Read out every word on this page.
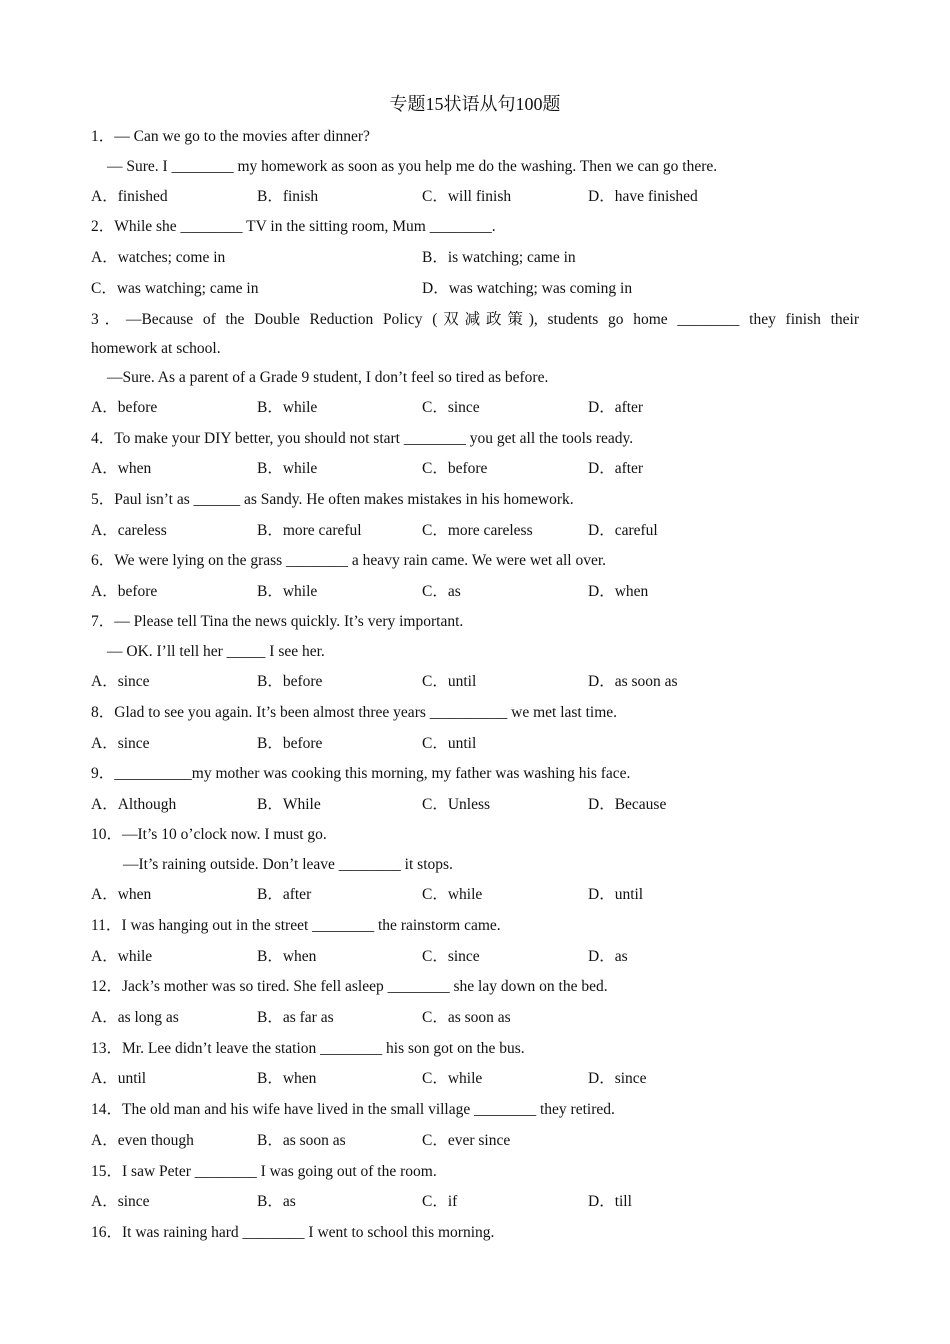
专题15状语从句100题
1．— Can we go to the movies after dinner?
— Sure. I ________ my homework as soon as you help me do the washing. Then we can go there.
A．finished	B．finish	C．will finish	D．have finished
2．While she ________ TV in the sitting room, Mum ________.
A．watches; come in	B．is watching; came in
C．was watching; came in	D．was watching; was coming in
3．—Because of the Double Reduction Policy (双减政策), students go home ________ they finish their
homework at school.
—Sure. As a parent of a Grade 9 student, I don’t feel so tired as before.
A．before	B．while	C．since	D．after
4．To make your DIY better, you should not start ________ you get all the tools ready.
A．when	B．while	C．before	D．after
5．Paul isn’t as ______ as Sandy. He often makes mistakes in his homework.
A．careless	B．more careful	C．more careless	D．careful
6．We were lying on the grass ________ a heavy rain came. We were wet all over.
A．before	B．while	C．as	D．when
7．— Please tell Tina the news quickly. It’s very important.
— OK. I’ll tell her _____ I see her.
A．since	B．before	C．until	D．as soon as
8．Glad to see you again. It’s been almost three years __________ we met last time.
A．since	B．before	C．until
9．__________my mother was cooking this morning, my father was washing his face.
A．Although	B．While	C．Unless	D．Because
10．—It’s 10 o’clock now. I must go.
—It’s raining outside. Don’t leave ________ it stops.
A．when	B．after	C．while	D．until
11．I was hanging out in the street ________ the rainstorm came.
A．while	B．when	C．since	D．as
12．Jack’s mother was so tired. She fell asleep ________ she lay down on the bed.
A．as long as	B．as far as	C．as soon as
13．Mr. Lee didn’t leave the station ________ his son got on the bus.
A．until	B．when	C．while	D．since
14．The old man and his wife have lived in the small village ________ they retired.
A．even though	B．as soon as	C．ever since
15．I saw Peter ________ I was going out of the room.
A．since	B．as	C．if	D．till
16．It was raining hard ________ I went to school this morning.
